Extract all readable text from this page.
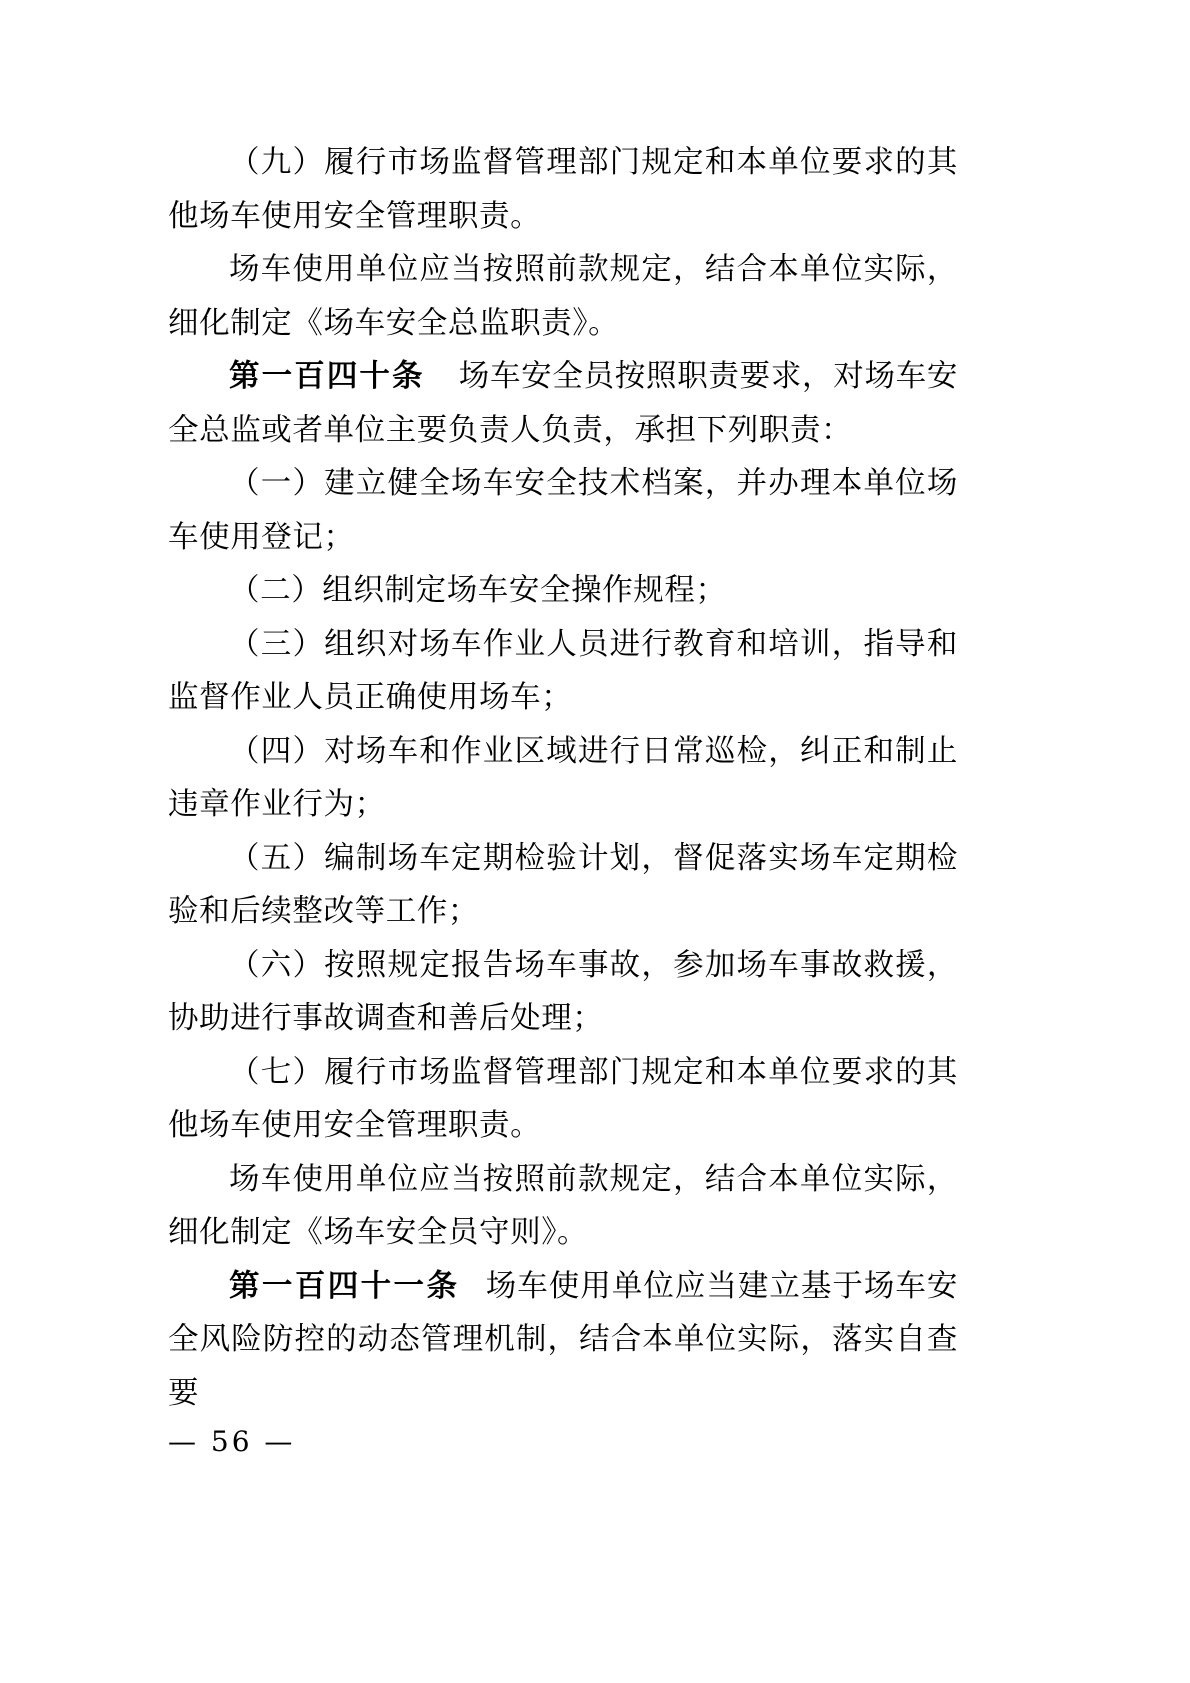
（九）履行市场监督管理部门规定和本单位要求的其他场车使用安全管理职责。

场车使用单位应当按照前款规定，结合本单位实际，细化制定《场车安全总监职责》。

第一百四十条 场车安全员按照职责要求，对场车安全总监或者单位主要负责人负责，承担下列职责：

（一）建立健全场车安全技术档案，并办理本单位场车使用登记；

（二）组织制定场车安全操作规程；

（三）组织对场车作业人员进行教育和培训，指导和监督作业人员正确使用场车；

（四）对场车和作业区域进行日常巡检，纠正和制止违章作业行为；

（五）编制场车定期检验计划，督促落实场车定期检验和后续整改等工作；

（六）按照规定报告场车事故，参加场车事故救援，协助进行事故调查和善后处理；

（七）履行市场监督管理部门规定和本单位要求的其他场车使用安全管理职责。

场车使用单位应当按照前款规定，结合本单位实际，细化制定《场车安全员守则》。

第一百四十一条 场车使用单位应当建立基于场车安全风险防控的动态管理机制，结合本单位实际，落实自查要

— 56 —
